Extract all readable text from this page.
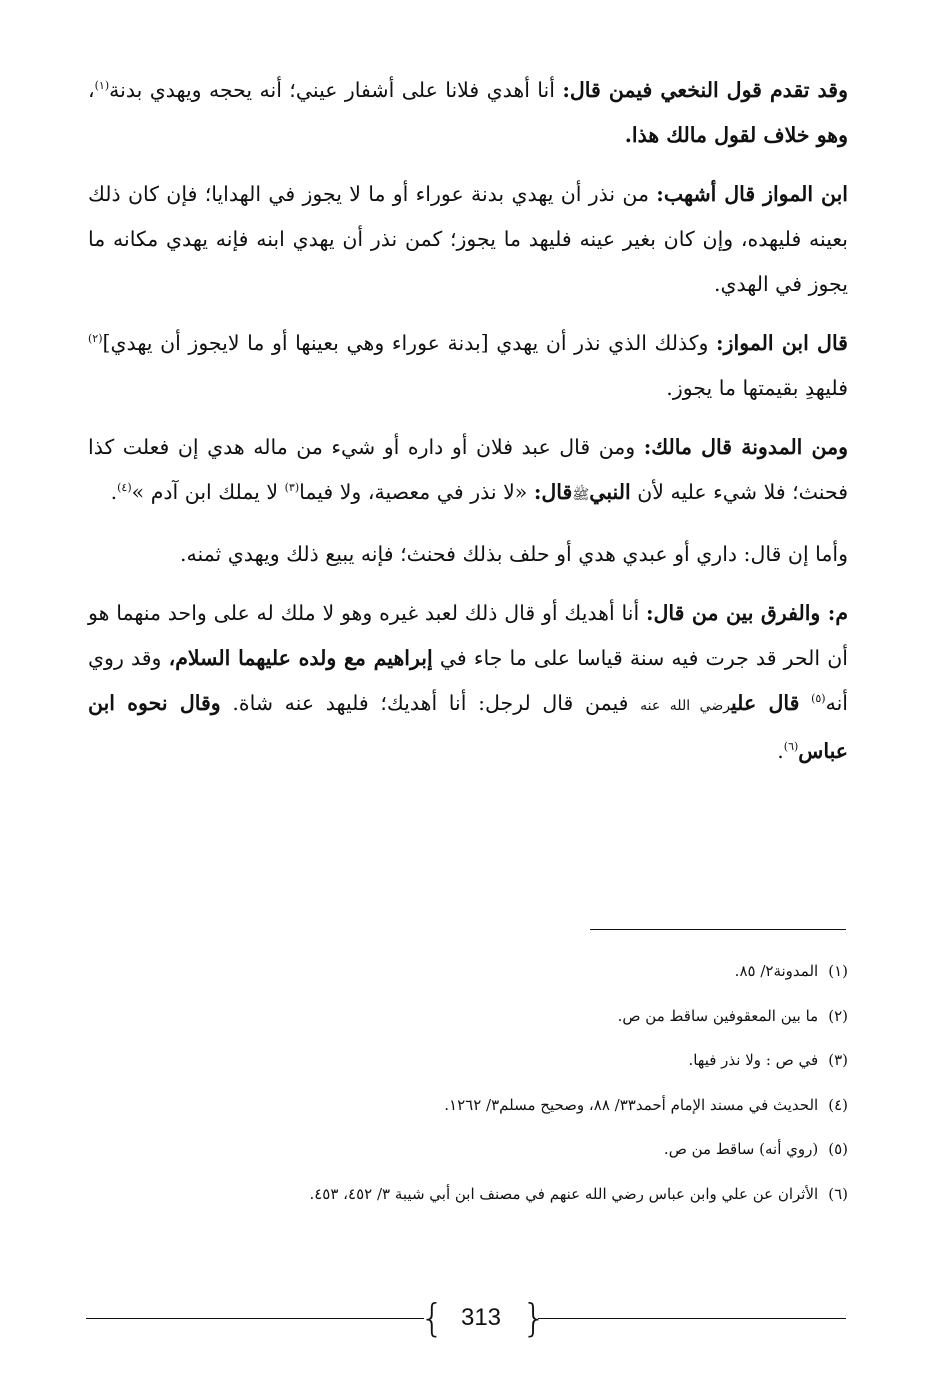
وقد تقدم قول النخعي فيمن قال: أنا أهدي فلانا على أشفار عيني؛ أنه يحجه ويهدي بدنة$^{(١)}$، وهو خلاف لقول مالك هذا.

ابن المواز قال أشهب: من نذر أن يهدي بدنة عوراء أو ما لا يجوز في الهدايا؛ فإن كان ذلك بعينه فليهده، وإن كان بغير عينه فليهد ما يجوز؛ كمن نذر أن يهدي ابنه فإنه يهدي مكانه ما يجوز في الهدي.

قال ابن المواز: وكذلك الذي نذر أن يهدي [بدنة عوراء وهي بعينها أو ما لايجوز أن يهدي]$^{(٢)}$ فليهدِ بقيمتها ما يجوز.

ومن المدونة قال مالك: ومن قال عبد فلان أو داره أو شيء من ماله هدي إن فعلت كذا فحنث؛ فلا شيء عليه لأن النبيﷺقال: «لا نذر في معصية، ولا فيما$^{(٣)}$ لا يملك ابن آدم »$^{(٤)}$.

وأما إن قال: داري أو عبدي هدي أو حلف بذلك فحنث؛ فإنه يبيع ذلك ويهدي ثمنه.

م: والفرق بين من قال: أنا أهديك أو قال ذلك لعبد غيره وهو لا ملك له على واحد منهما هو أن الحر قد جرت فيه سنة قياسا على ما جاء في إبراهيم مع ولده عليهما السلام، وقد روي أنه$^{(٥)}$ قال عليرضي الله عنه فيمن قال لرجل: أنا أهديك؛ فليهد عنه شاة. وقال نحوه ابن عباس$^{(٦)}$.

(١)المدونة٢/ ٨٥.
(٢)ما بين المعقوفين ساقط من ص.
(٣)في ص : ولا نذر فيها.
(٤)الحديث في مسند الإمام أحمد٣٣/ ٨٨، وصحيح مسلم٣/ ١٢٦٢.
(٥)(روي أنه) ساقط من ص.
(٦)الأثران عن علي وابن عباس رضي الله عنهم في مصنف ابن أبي شيبة ٣/ ٤٥٢، ٤٥٣.
{ 313 }
